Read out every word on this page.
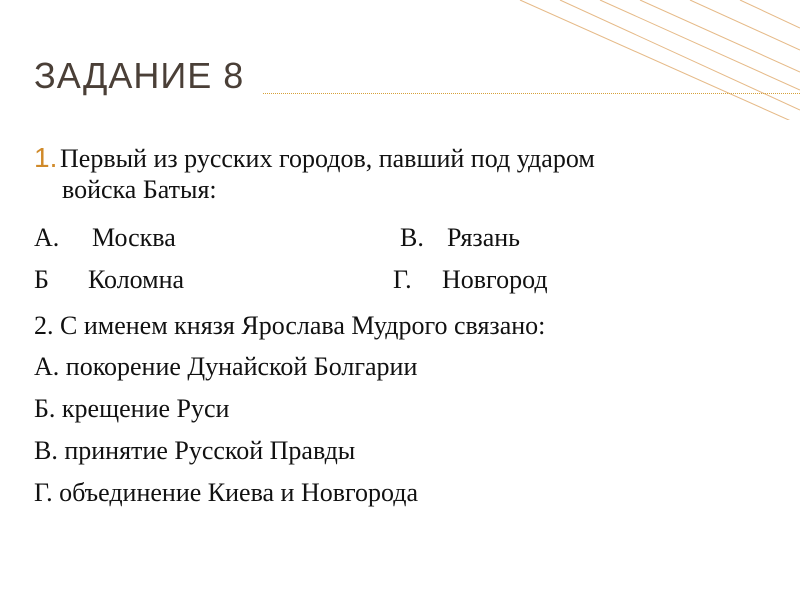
ЗАДАНИЕ 8
1. Первый из русских городов, павший под ударом
войска Батыя:
А. Москва	В. Рязань
Б Коломна	Г. Новгород
2. С именем князя Ярослава Мудрого связано:
А. покорение Дунайской Болгарии
Б. крещение Руси
В. принятие Русской Правды
Г. объединение Киева и Новгорода
